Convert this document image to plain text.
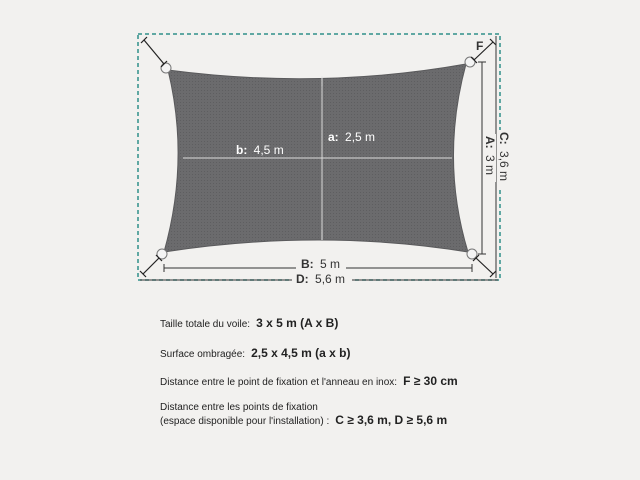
b: 4,5 m
a: 2,5 m
B: 5 m
D: 5,6 m
A: 3 m
C: 3,6 m
F
Taille totale du voile: 3 x 5 m (A x B)
Surface ombragée: 2,5 x 4,5 m (a x b)
Distance entre le point de fixation et l'anneau en inox: F ≥ 30 cm
Distance entre les points de fixation
(espace disponible pour l'installation) : C ≥ 3,6 m, D ≥ 5,6 m
